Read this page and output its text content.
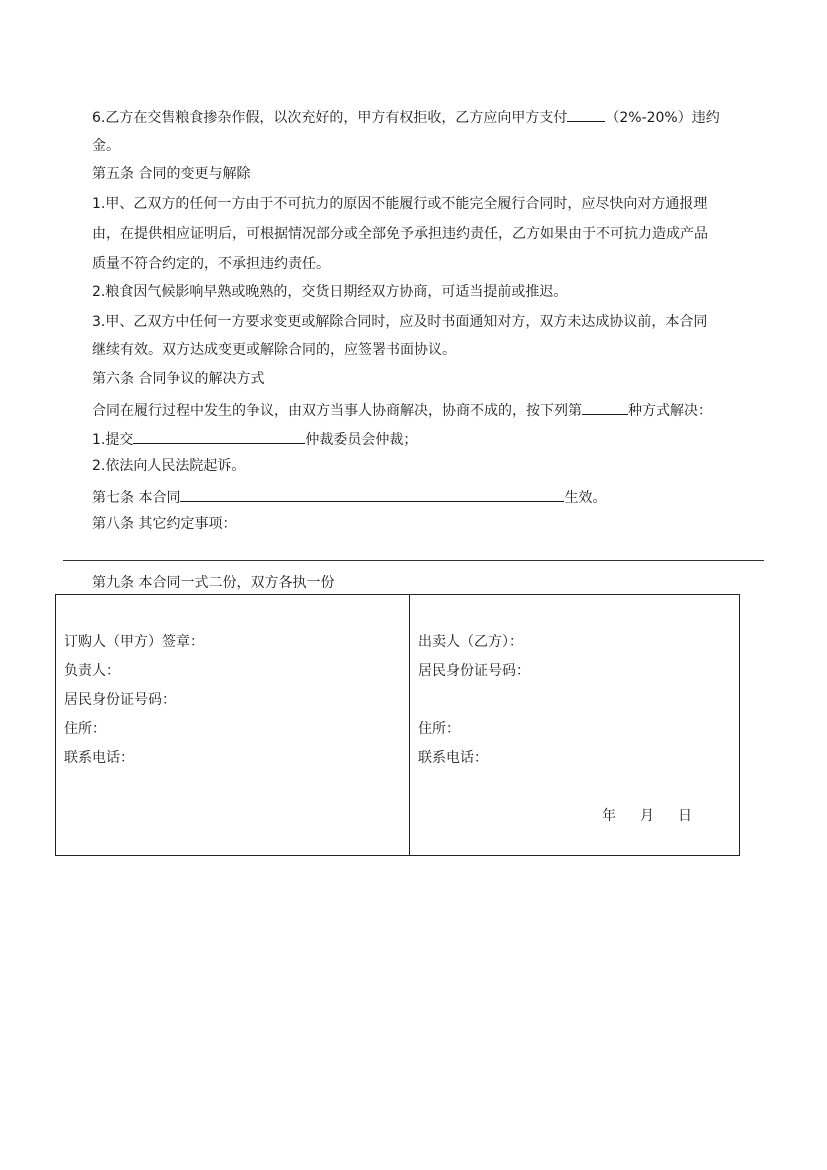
6.乙方在交售粮食掺杂作假，以次充好的，甲方有权拒收，乙方应向甲方支付	（2%-20%）违约
金。
第五条 合同的变更与解除
1.甲、乙双方的任何一方由于不可抗力的原因不能履行或不能完全履行合同时，应尽快向对方通报理
由，在提供相应证明后，可根据情况部分或全部免予承担违约责任，乙方如果由于不可抗力造成产品
质量不符合约定的，不承担违约责任。
2.粮食因气候影响早熟或晚熟的，交货日期经双方协商，可适当提前或推迟。
3.甲、乙双方中任何一方要求变更或解除合同时，应及时书面通知对方，双方未达成协议前，本合同
继续有效。双方达成变更或解除合同的，应签署书面协议。
第六条 合同争议的解决方式
合同在履行过程中发生的争议，由双方当事人协商解决，协商不成的，按下列第	种方式解决：
1.提交	仲裁委员会仲裁；
2.依法向人民法院起诉。
第七条 本合同	生效。
第八条 其它约定事项：
第九条 本合同一式二份，双方各执一份
订购人（甲方）签章：
负责人：
居民身份证号码：
住所：
联系电话：
出卖人（乙方）：
居民身份证号码：
住所：
联系电话：
年 月 日
